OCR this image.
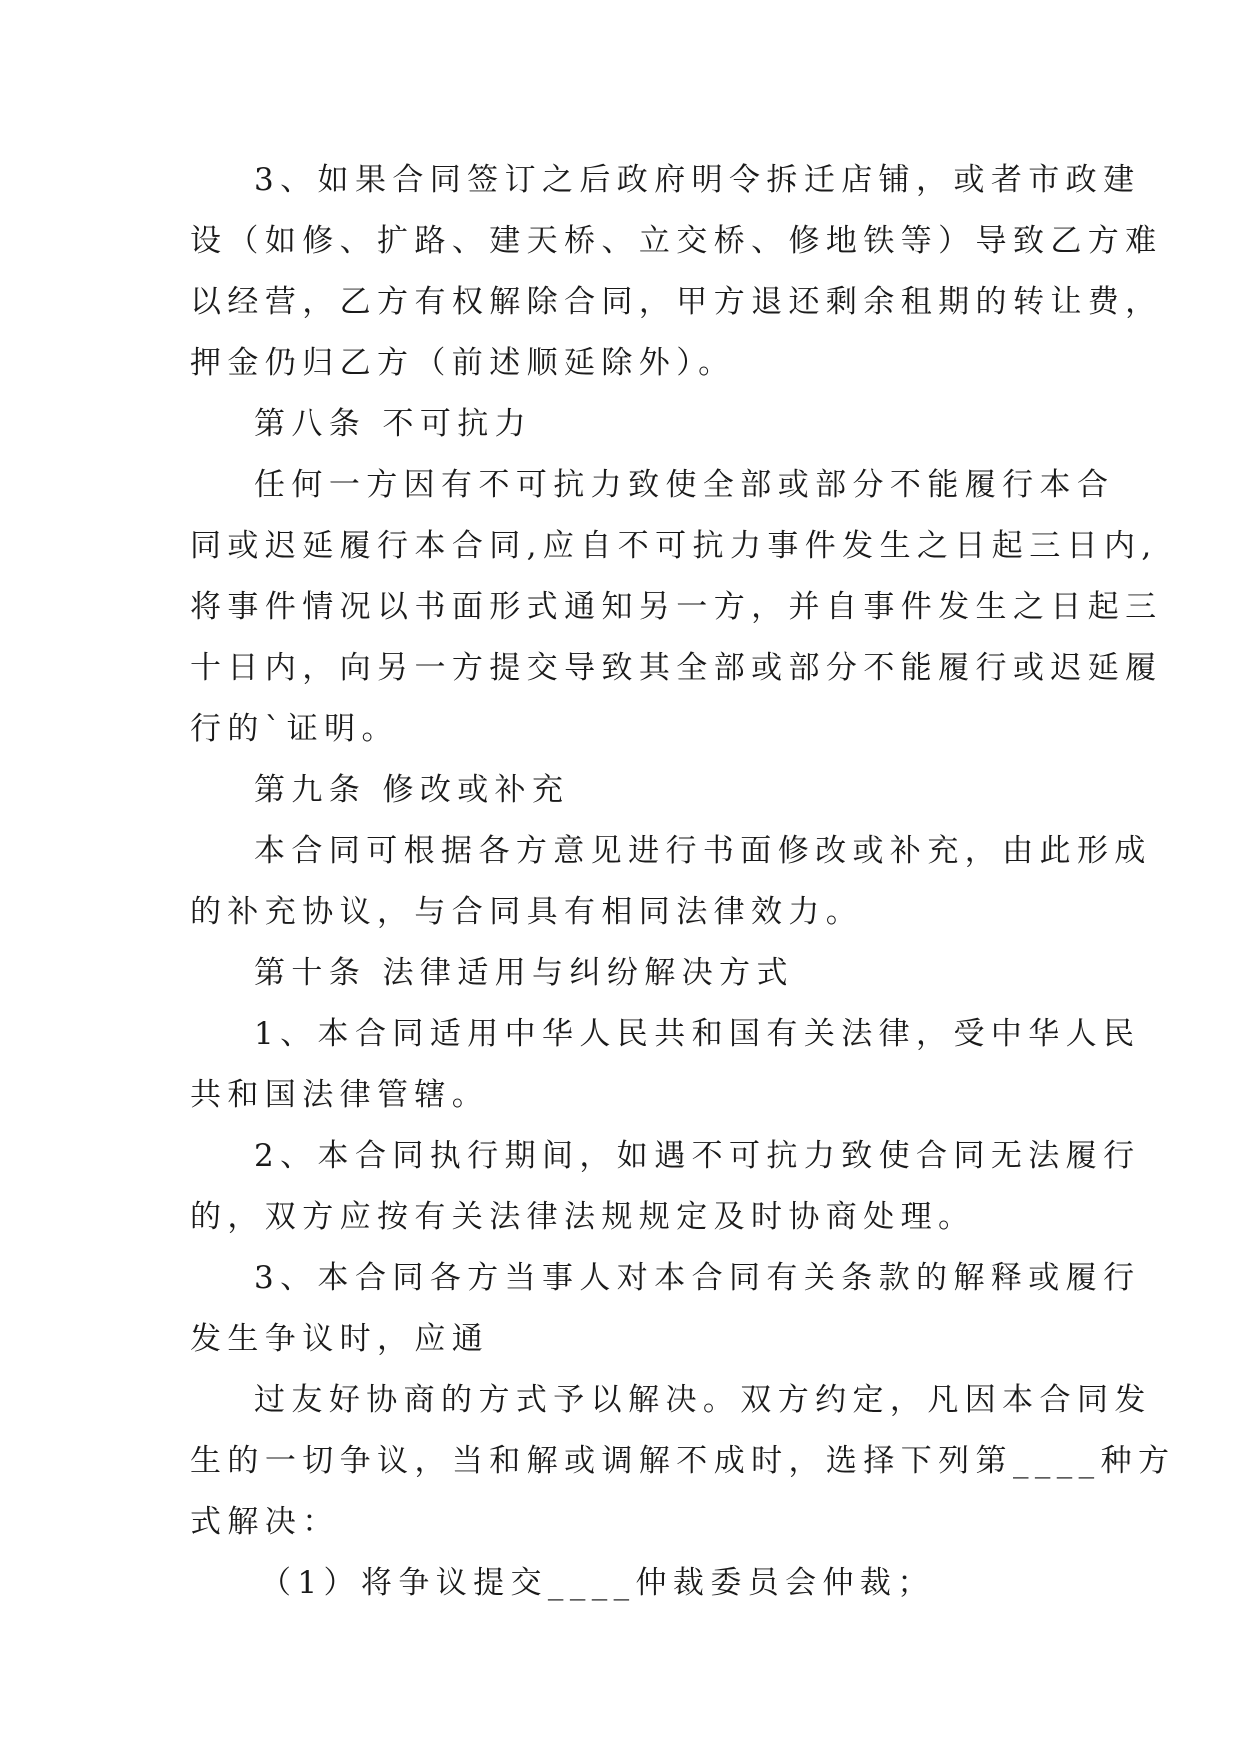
3 、 如 果 合 同 签 订 之 后 政 府 明 令 拆 迁 店 铺 ， 或 者 市 政 建
设 （ 如 修 、 扩 路 、 建 天 桥 、 立 交 桥 、 修 地 铁 等 ） 导 致 乙 方 难
以 经 营 ， 乙 方 有 权 解 除 合 同 ， 甲 方 退 还 剩 余 租 期 的 转 让 费 ，
押金仍归乙方（前述顺延除外）。
第八条 不可抗力
任 何 一 方 因 有 不 可 抗 力 致 使 全 部 或 部 分 不 能 履 行 本 合
同 或 迟 延 履 行 本 合 同 , 应 自 不 可 抗 力 事 件 发 生 之 日 起 三 日 内 ,
将 事 件 情 况 以 书 面 形 式 通 知 另 一 方 ， 并 自 事 件 发 生 之 日 起 三
十 日 内 ， 向 另 一 方 提 交 导 致 其 全 部 或 部 分 不 能 履 行 或 迟 延 履
行的`证明。
第九条 修改或补充
本 合 同 可 根 据 各 方 意 见 进 行 书 面 修 改 或 补 充 ， 由 此 形 成
的补充协议，与合同具有相同法律效力。
第十条 法律适用与纠纷解决方式
1 、 本 合 同 适 用 中 华 人 民 共 和 国 有 关 法 律 ， 受 中 华 人 民
共和国法律管辖。
2 、 本 合 同 执 行 期 间 ， 如 遇 不 可 抗 力 致 使 合 同 无 法 履 行
的，双方应按有关法律法规规定及时协商处理。
3 、 本 合 同 各 方 当 事 人 对 本 合 同 有 关 条 款 的 解 释 或 履 行
发生争议时，应通
过 友 好 协 商 的 方 式 予 以 解 决 。 双 方 约 定 ， 凡 因 本 合 同 发
生 的 一 切 争 议 ， 当 和 解 或 调 解 不 成 时 ， 选 择 下 列 第 _ _ _ _ 种 方
式解决：
（1）将争议提交____仲裁委员会仲裁；
